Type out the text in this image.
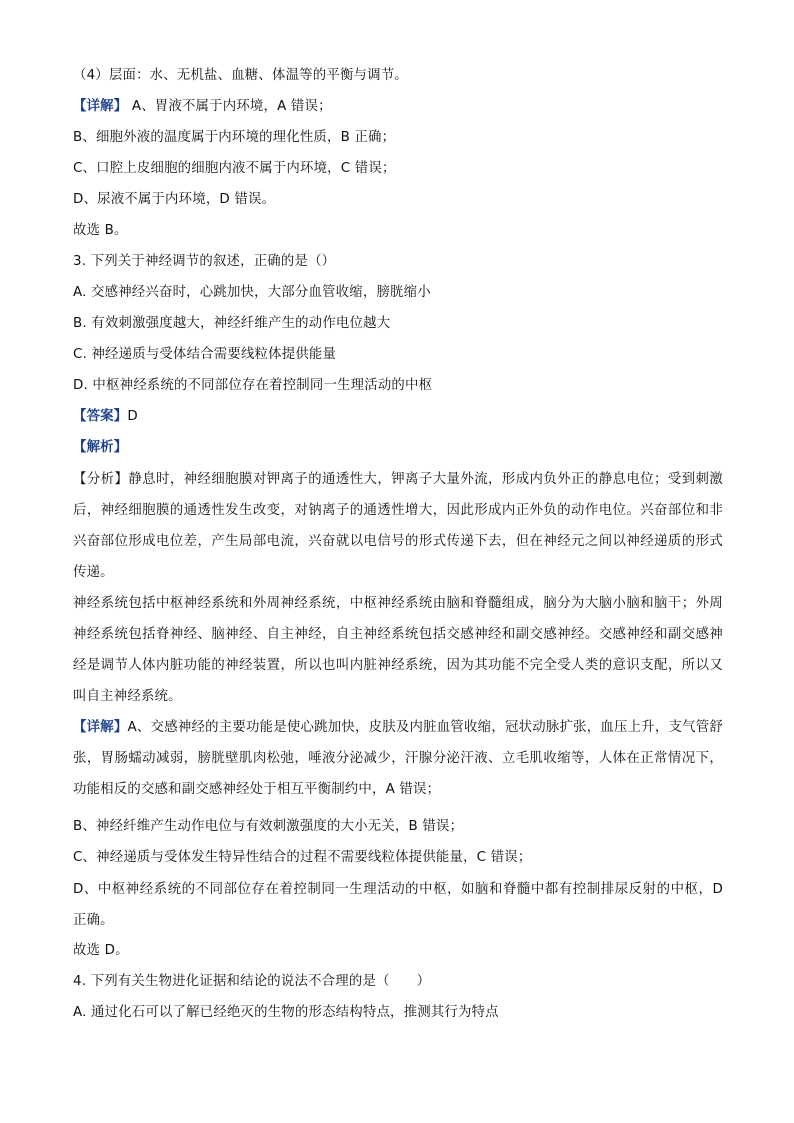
（4）层面：水、无机盐、血糖、体温等的平衡与调节。
【详解】 A、胃液不属于内环境，A 错误；
B、细胞外液的温度属于内环境的理化性质，B 正确；
C、口腔上皮细胞的细胞内液不属于内环境，C 错误；
D、尿液不属于内环境，D 错误。
故选 B。
3. 下列关于神经调节的叙述，正确的是（）
A. 交感神经兴奋时，心跳加快，大部分血管收缩，膀胱缩小
B. 有效刺激强度越大，神经纤维产生的动作电位越大
C. 神经递质与受体结合需要线粒体提供能量
D. 中枢神经系统的不同部位存在着控制同一生理活动的中枢
【答案】D
【解析】
【分析】静息时，神经细胞膜对钾离子的通透性大，钾离子大量外流，形成内负外正的静息电位；受到刺激后，神经细胞膜的通透性发生改变，对钠离子的通透性增大，因此形成内正外负的动作电位。兴奋部位和非兴奋部位形成电位差，产生局部电流，兴奋就以电信号的形式传递下去，但在神经元之间以神经递质的形式传递。
神经系统包括中枢神经系统和外周神经系统，中枢神经系统由脑和脊髓组成，脑分为大脑小脑和脑干；外周神经系统包括脊神经、脑神经、自主神经，自主神经系统包括交感神经和副交感神经。交感神经和副交感神经是调节人体内脏功能的神经装置，所以也叫内脏神经系统，因为其功能不完全受人类的意识支配，所以又叫自主神经系统。
【详解】A、交感神经的主要功能是使心跳加快，皮肤及内脏血管收缩，冠状动脉扩张，血压上升，支气管舒张，胃肠蠕动减弱，膀胱壁肌肉松弛，唾液分泌减少，汗腺分泌汗液、立毛肌收缩等，人体在正常情况下，功能相反的交感和副交感神经处于相互平衡制约中，A 错误；
B、神经纤维产生动作电位与有效刺激强度的大小无关，B 错误；
C、神经递质与受体发生特异性结合的过程不需要线粒体提供能量，C 错误；
D、中枢神经系统的不同部位存在着控制同一生理活动的中枢，如脑和脊髓中都有控制排尿反射的中枢，D 正确。
故选 D。
4. 下列有关生物进化证据和结论的说法不合理的是（　　）
A. 通过化石可以了解已经绝灭的生物的形态结构特点，推测其行为特点
